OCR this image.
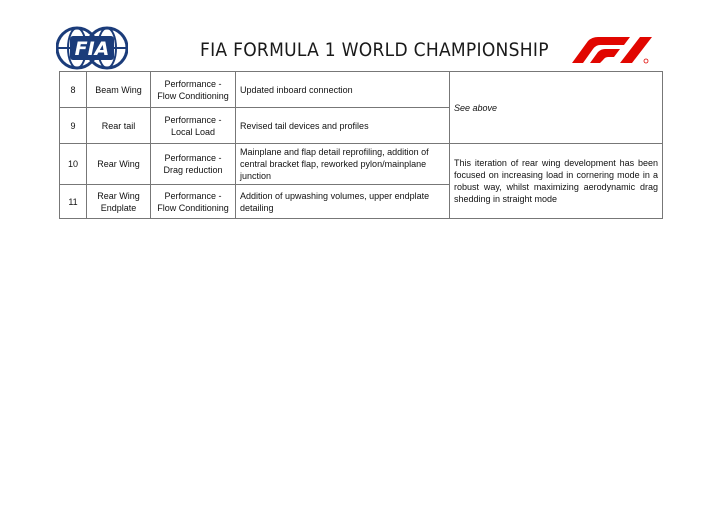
FIA	FIA FORMULA 1 WORLD CHAMPIONSHIP
8	Beam Wing	Performance - Flow Conditioning	Updated inboard connection	See above
9	Rear tail	Performance - Local Load	Revised tail devices and profiles	
10	Rear Wing	Performance - Drag reduction	Mainplane and flap detail reprofiling, addition of central bracket flap, reworked pylon/mainplane junction	This iteration of rear wing development has been focused on increasing load in cornering mode in a robust way, whilst maximizing aerodynamic drag shedding in straight mode
11	Rear Wing Endplate	Performance - Flow Conditioning	Addition of upwashing volumes, upper endplate detailing	
